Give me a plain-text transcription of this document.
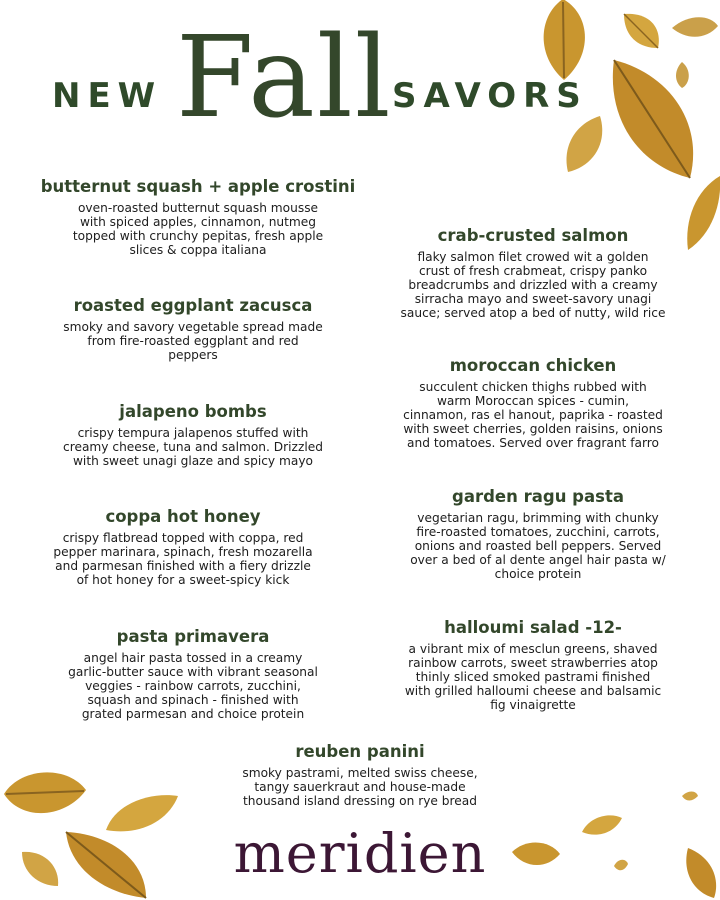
NEW Fall SAVORS
butternut squash + apple crostini
oven-roasted butternut squash mousse
with spiced apples, cinnamon, nutmeg
topped with crunchy pepitas, fresh apple
slices & coppa italiana
roasted eggplant zacusca
smoky and savory vegetable spread made
from fire-roasted eggplant and red
peppers
jalapeno bombs
crispy tempura jalapenos stuffed with
creamy cheese, tuna and salmon. Drizzled
with sweet unagi glaze and spicy mayo
coppa hot honey
crispy flatbread topped with coppa, red
pepper marinara, spinach, fresh mozarella
and parmesan finished with a fiery drizzle
of hot honey for a sweet-spicy kick
pasta primavera
angel hair pasta tossed in a creamy
garlic-butter sauce with vibrant seasonal
veggies - rainbow carrots, zucchini,
squash and spinach - finished with
grated parmesan and choice protein
crab-crusted salmon
flaky salmon filet crowed wit a golden
crust of fresh crabmeat, crispy panko
breadcrumbs and drizzled with a creamy
sirracha mayo and sweet-savory unagi
sauce; served atop a bed of nutty, wild rice
moroccan chicken
succulent chicken thighs rubbed with
warm Moroccan spices - cumin,
cinnamon, ras el hanout, paprika - roasted
with sweet cherries, golden raisins, onions
and tomatoes. Served over fragrant farro
garden ragu pasta
vegetarian ragu, brimming with chunky
fire-roasted tomatoes, zucchini, carrots,
onions and roasted bell peppers. Served
over a bed of al dente angel hair pasta w/
choice protein
halloumi salad -12-
a vibrant mix of mesclun greens, shaved
rainbow carrots, sweet strawberries atop
thinly sliced smoked pastrami finished
with grilled halloumi cheese and balsamic
fig vinaigrette
reuben panini
smoky pastrami, melted swiss cheese,
tangy sauerkraut and house-made
thousand island dressing on rye bread
meridien
